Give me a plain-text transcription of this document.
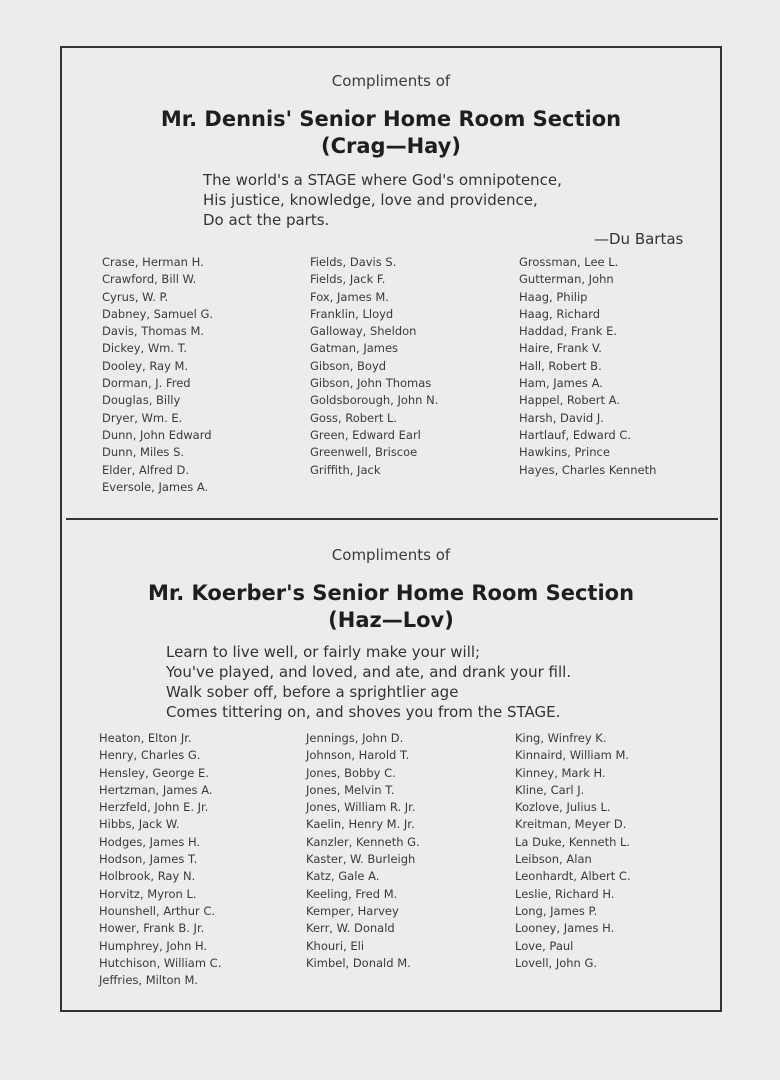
Compliments of
Mr. Dennis' Senior Home Room Section
(Crag—Hay)
The world's a STAGE where God's omnipotence,
His justice, knowledge, love and providence,
Do act the parts.
—Du Bartas
Crase, Herman H.
Crawford, Bill W.
Cyrus, W. P.
Dabney, Samuel G.
Davis, Thomas M.
Dickey, Wm. T.
Dooley, Ray M.
Dorman, J. Fred
Douglas, Billy
Dryer, Wm. E.
Dunn, John Edward
Dunn, Miles S.
Elder, Alfred D.
Eversole, James A.
Fields, Davis S.
Fields, Jack F.
Fox, James M.
Franklin, Lloyd
Galloway, Sheldon
Gatman, James
Gibson, Boyd
Gibson, John Thomas
Goldsborough, John N.
Goss, Robert L.
Green, Edward Earl
Greenwell, Briscoe
Griffith, Jack
Grossman, Lee L.
Gutterman, John
Haag, Philip
Haag, Richard
Haddad, Frank E.
Haire, Frank V.
Hall, Robert B.
Ham, James A.
Happel, Robert A.
Harsh, David J.
Hartlauf, Edward C.
Hawkins, Prince
Hayes, Charles Kenneth
Compliments of
Mr. Koerber's Senior Home Room Section
(Haz—Lov)
Learn to live well, or fairly make your will;
You've played, and loved, and ate, and drank your fill.
Walk sober off, before a sprightlier age
Comes tittering on, and shoves you from the STAGE.
Heaton, Elton Jr.
Henry, Charles G.
Hensley, George E.
Hertzman, James A.
Herzfeld, John E. Jr.
Hibbs, Jack W.
Hodges, James H.
Hodson, James T.
Holbrook, Ray N.
Horvitz, Myron L.
Hounshell, Arthur C.
Hower, Frank B. Jr.
Humphrey, John H.
Hutchison, William C.
Jeffries, Milton M.
Jennings, John D.
Johnson, Harold T.
Jones, Bobby C.
Jones, Melvin T.
Jones, William R. Jr.
Kaelin, Henry M. Jr.
Kanzler, Kenneth G.
Kaster, W. Burleigh
Katz, Gale A.
Keeling, Fred M.
Kemper, Harvey
Kerr, W. Donald
Khouri, Eli
Kimbel, Donald M.
King, Winfrey K.
Kinnaird, William M.
Kinney, Mark H.
Kline, Carl J.
Kozlove, Julius L.
Kreitman, Meyer D.
La Duke, Kenneth L.
Leibson, Alan
Leonhardt, Albert C.
Leslie, Richard H.
Long, James P.
Looney, James H.
Love, Paul
Lovell, John G.
